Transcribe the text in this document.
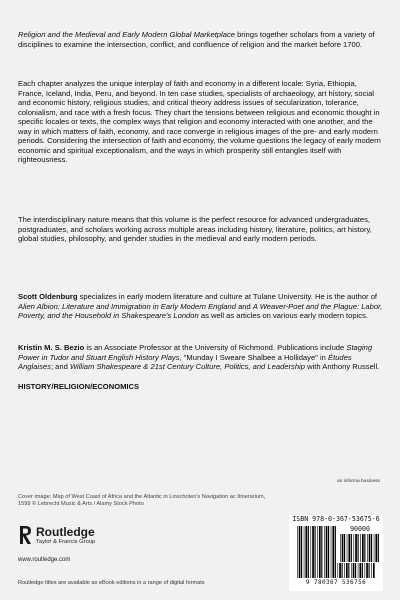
Religion and the Medieval and Early Modern Global Marketplace brings together scholars from a variety of disciplines to examine the intersection, conflict, and confluence of religion and the market before 1700.

Each chapter analyzes the unique interplay of faith and economy in a different locale: Syria, Ethiopia, France, Iceland, India, Peru, and beyond. In ten case studies, specialists of archaeology, art history, social and economic history, religious studies, and critical theory address issues of secularization, tolerance, colonialism, and race with a fresh focus. They chart the tensions between religious and economic thought in specific locales or texts, the complex ways that religion and economy interacted with one another, and the way in which matters of faith, economy, and race converge in religious images of the pre- and early modern periods. Considering the intersection of faith and economy, the volume questions the legacy of early modern economic and spiritual exceptionalism, and the ways in which prosperity still entangles itself with righteousness.

The interdisciplinary nature means that this volume is the perfect resource for advanced undergraduates, postgraduates, and scholars working across multiple areas including history, literature, politics, art history, global studies, philosophy, and gender studies in the medieval and early modern periods.

Scott Oldenburg specializes in early modern literature and culture at Tulane University. He is the author of Alien Albion: Literature and Immigration in Early Modern England and A Weaver-Poet and the Plague: Labor, Poverty, and the Household in Shakespeare's London as well as articles on various early modern topics.

Kristin M. S. Bezio is an Associate Professor at the University of Richmond. Publications include Staging Power in Tudor and Stuart English History Plays, "Munday I Sweare Shalbee a Hollidaye" in Études Anglaises; and William Shakespeare & 21st Century Culture, Politics, and Leadership with Anthony Russell.

HISTORY/RELIGION/ECONOMICS
Cover image: Map of West Coast of Africa and the Atlantic in Linschoten's Navigation ac Itinerarium, 1599 © Lebrecht Music & Arts / Alamy Stock Photo
an informa business
Routledge
Taylor & Francis Group
www.routledge.com
ISBN 978-0-367-53675-6
9 780367 536756
90000
Routledge titles are available as eBook editions in a range of digital formats
